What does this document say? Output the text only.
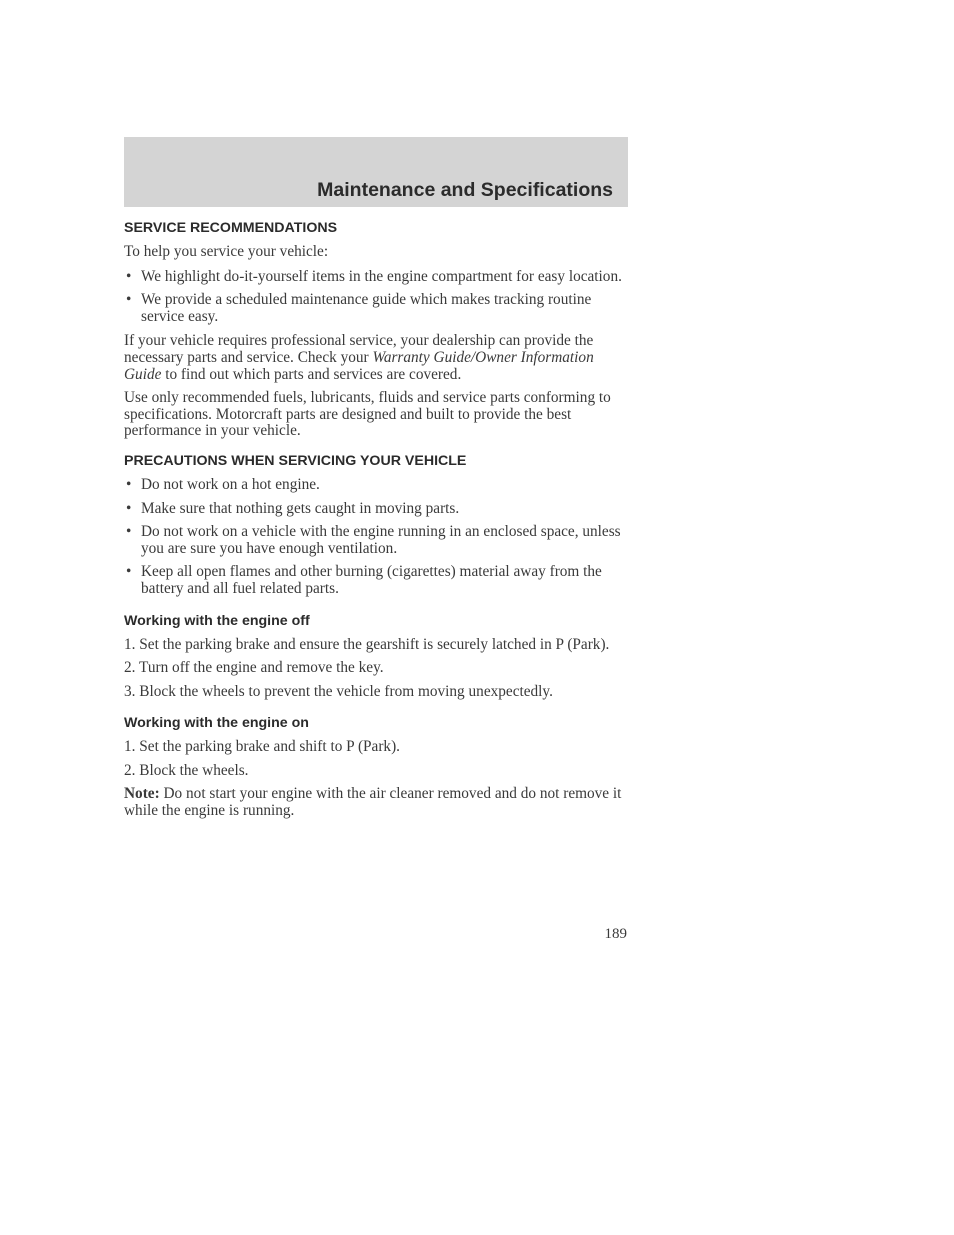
Maintenance and Specifications
SERVICE RECOMMENDATIONS

To help you service your vehicle:

• We highlight do-it-yourself items in the engine compartment for easy location.
• We provide a scheduled maintenance guide which makes tracking routine service easy.

If your vehicle requires professional service, your dealership can provide the necessary parts and service. Check your Warranty Guide/Owner Information Guide to find out which parts and services are covered.

Use only recommended fuels, lubricants, fluids and service parts conforming to specifications. Motorcraft parts are designed and built to provide the best performance in your vehicle.

PRECAUTIONS WHEN SERVICING YOUR VEHICLE
• Do not work on a hot engine.
• Make sure that nothing gets caught in moving parts.
• Do not work on a vehicle with the engine running in an enclosed space, unless you are sure you have enough ventilation.
• Keep all open flames and other burning (cigarettes) material away from the battery and all fuel related parts.
Working with the engine off

1. Set the parking brake and ensure the gearshift is securely latched in P (Park).

2. Turn off the engine and remove the key.

3. Block the wheels to prevent the vehicle from moving unexpectedly.

Working with the engine on

1. Set the parking brake and shift to P (Park).

2. Block the wheels.

Note: Do not start your engine with the air cleaner removed and do not remove it while the engine is running.

189
